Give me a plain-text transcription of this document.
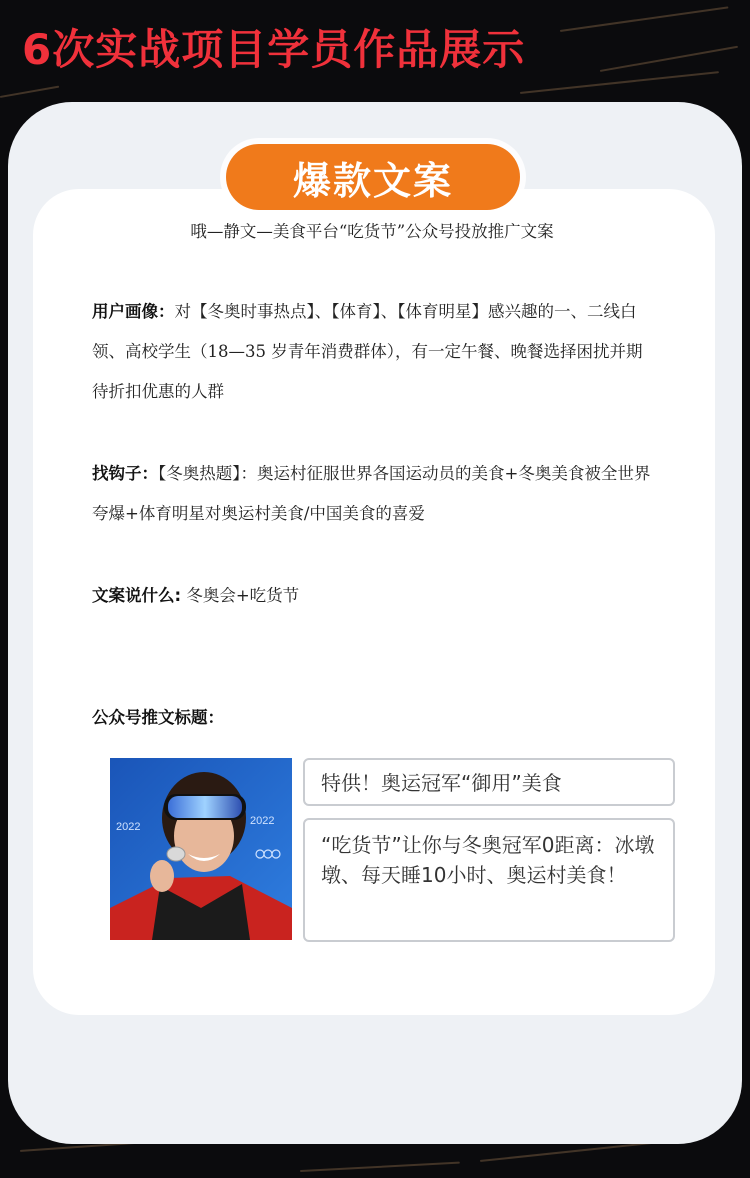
6次实战项目学员作品展示
爆款文案
哦—静文—美食平台“吃货节”公众号投放推广文案
用户画像：对【冬奥时事热点】、【体育】、【体育明星】感兴趣的一、二线白领、高校学生（18—35 岁青年消费群体），有一定午餐、晚餐选择困扰并期待折扣优惠的人群
找钩子：【冬奥热题】：奥运村征服世界各国运动员的美食+冬奥美食被全世界夸爆+体育明星对奥运村美食/中国美食的喜爱
文案说什么: 冬奥会+吃货节
公众号推文标题：
2022	2022
特供！奥运冠军“御用”美食
“吃货节”让你与冬奥冠军0距离：冰墩墩、每天睡10小时、奥运村美食！
